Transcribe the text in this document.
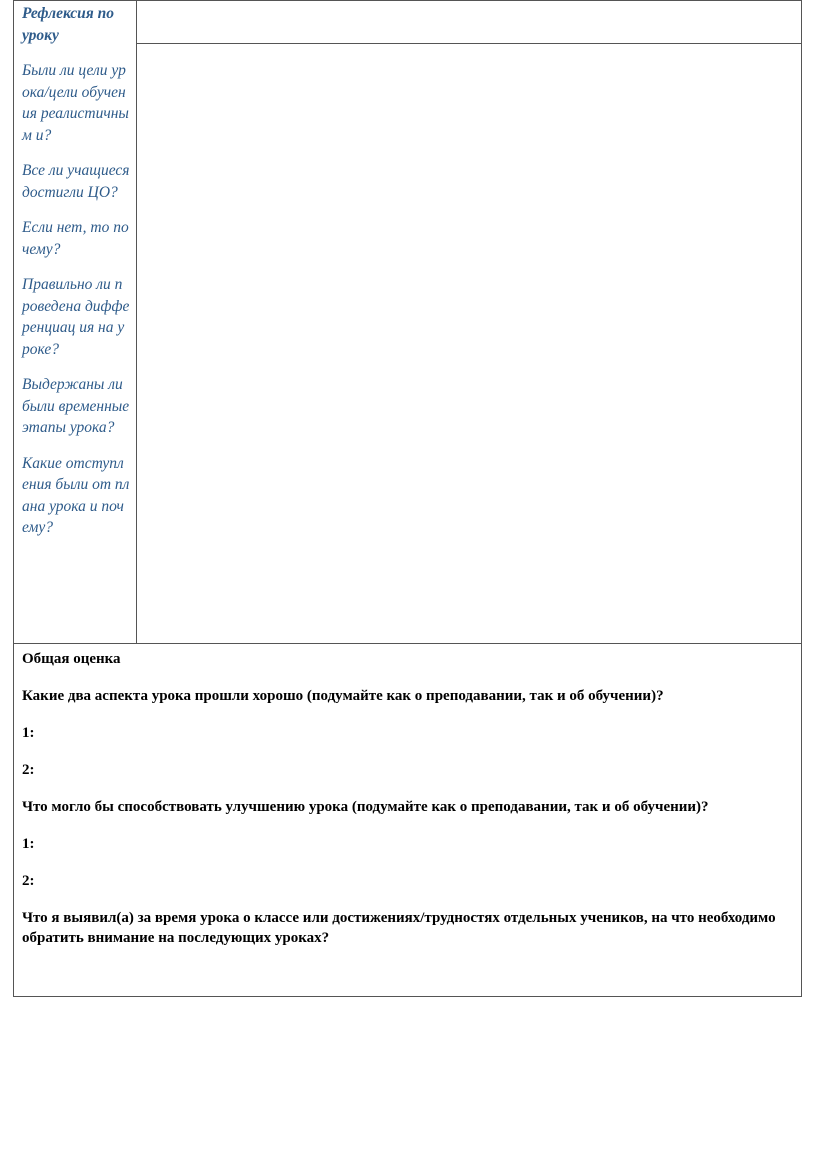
Рефлексия по уроку
Были ли цели урока/цели обучения реалистичным и?
Все ли учащиеся достигли ЦО?
Если нет, то почему?
Правильно ли проведена дифференциац ия на уроке?
Выдержаны ли были временные этапы урока?
Какие отступления были от плана урока и почему?

Общая оценка

Какие два аспекта урока прошли хорошо (подумайте как о преподавании, так и об обучении)?

1:

2:

Что могло бы способствовать улучшению урока (подумайте как о преподавании, так и об обучении)?

1:

2:

Что я выявил(а) за время урока о классе или достижениях/трудностях отдельных учеников, на что необходимо обратить внимание на последующих уроках?
